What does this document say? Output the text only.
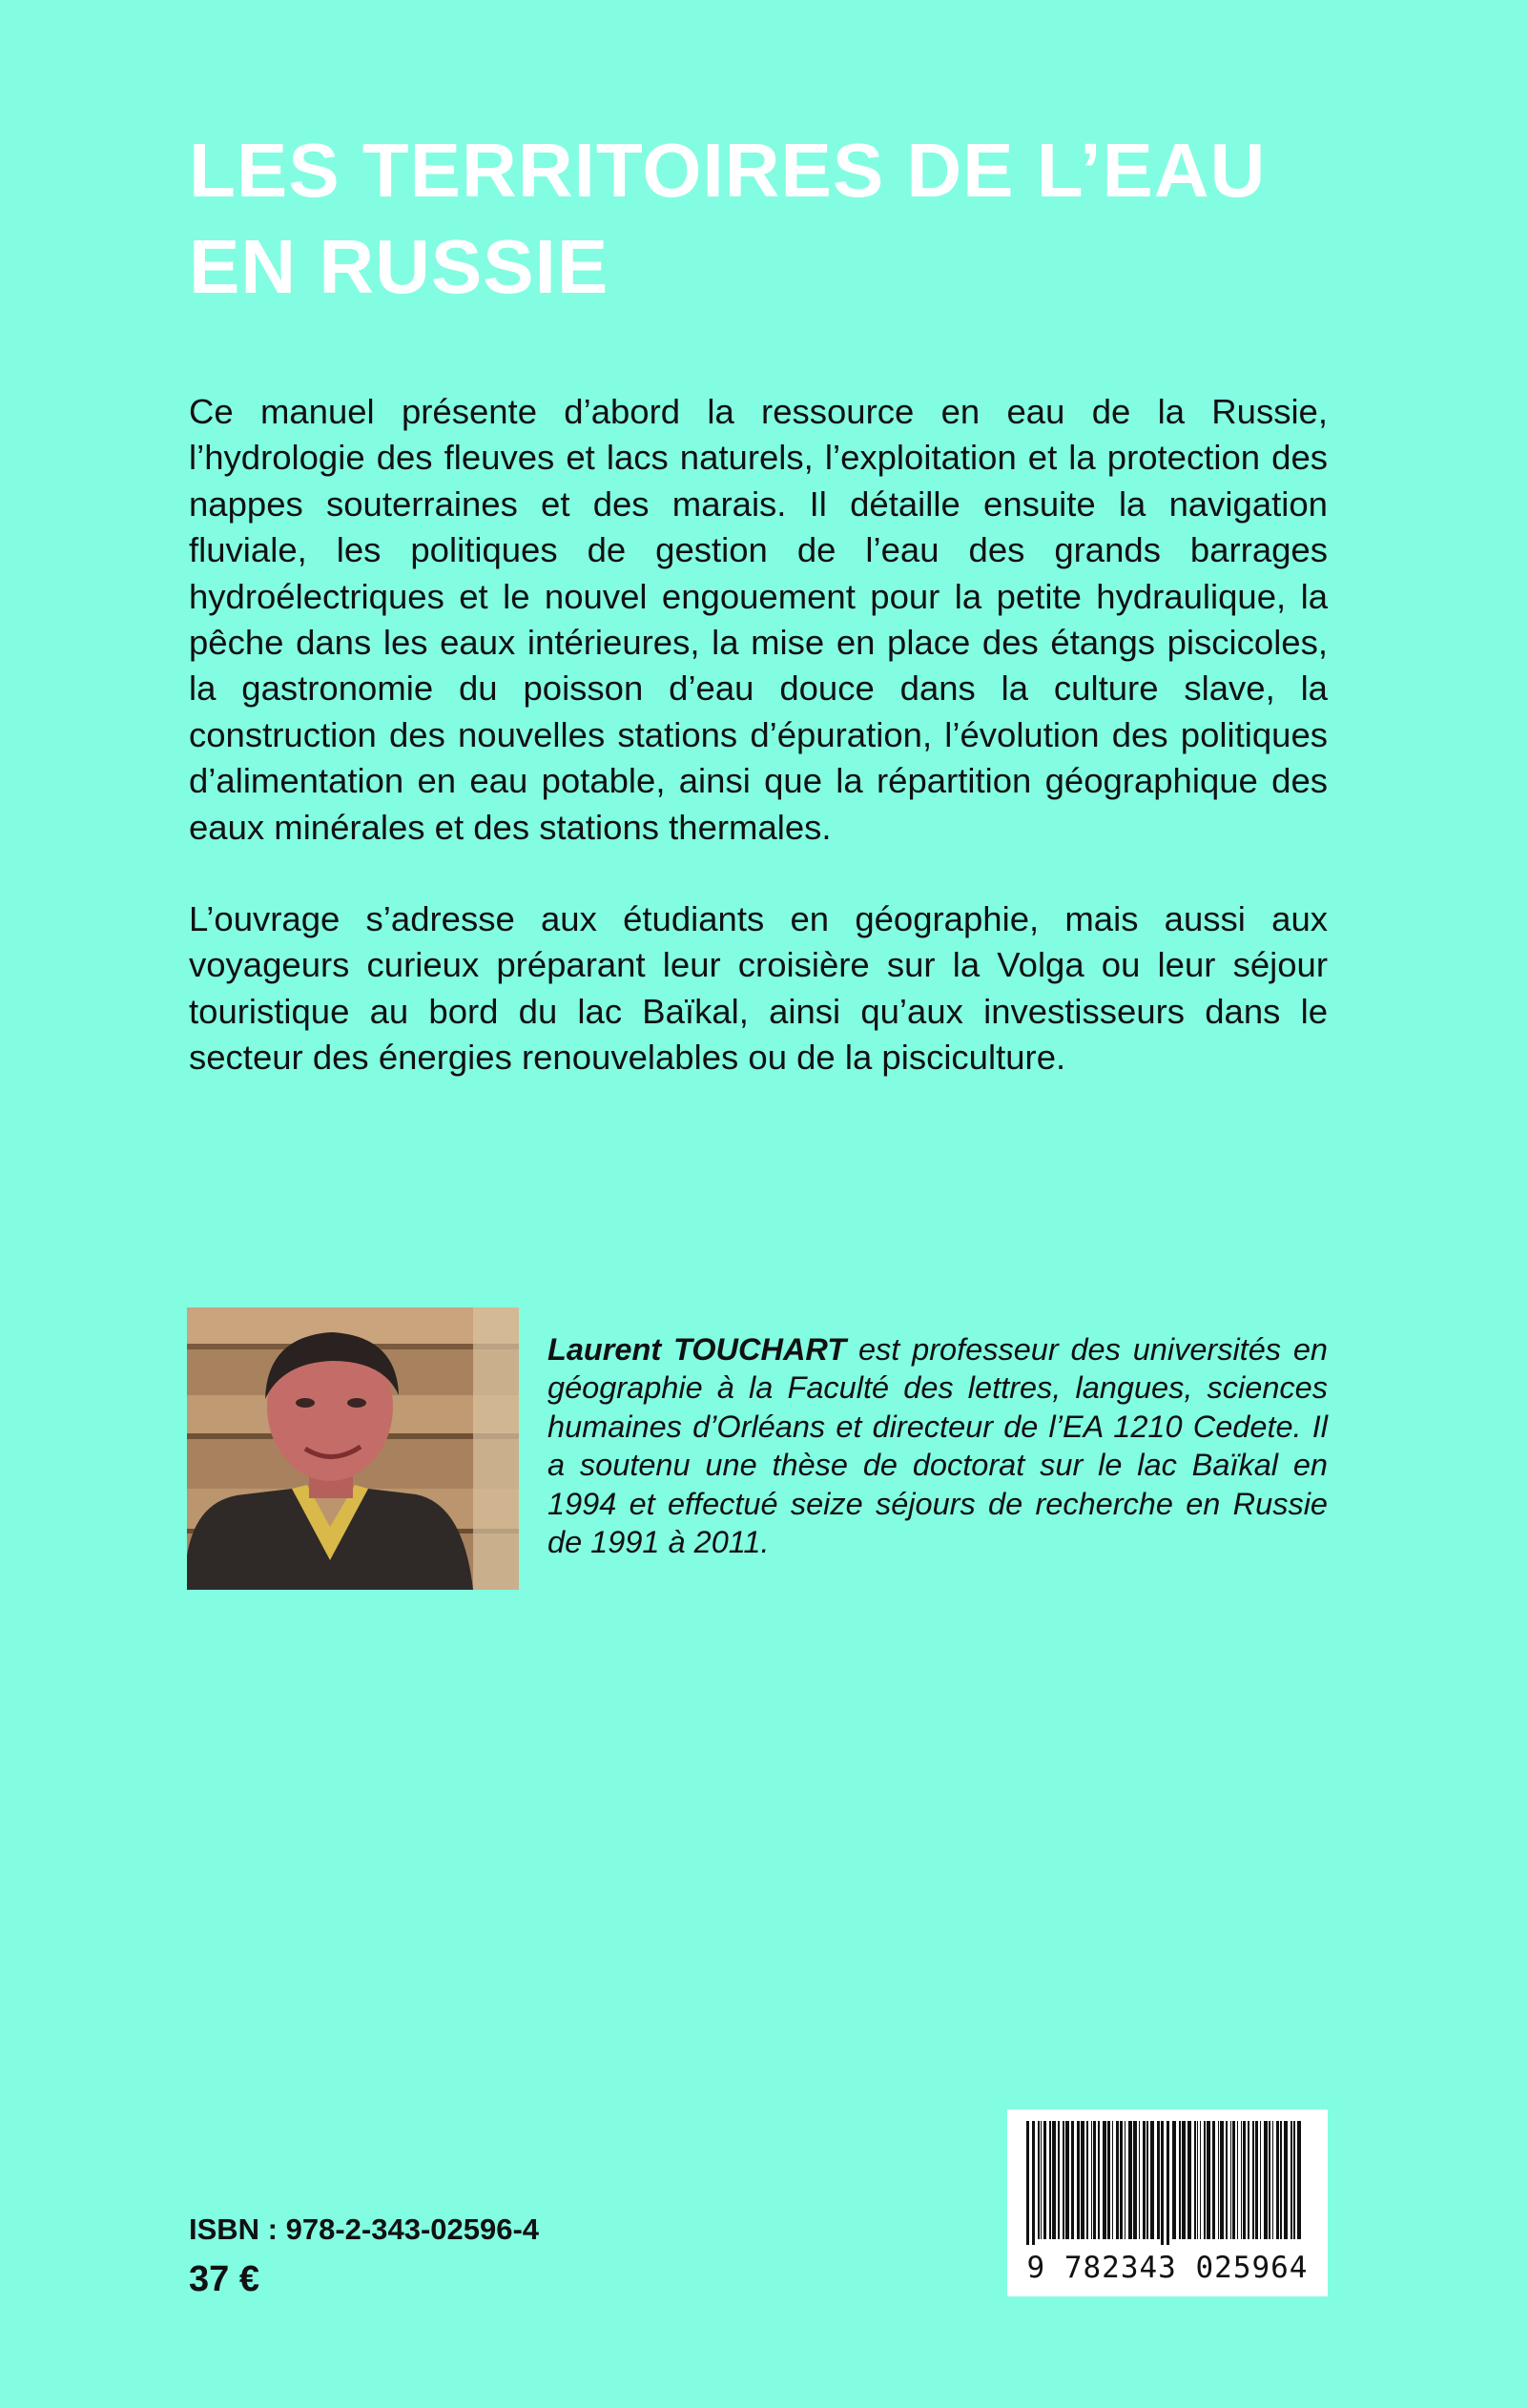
LES TERRITOIRES DE L’EAU
EN RUSSIE

Ce manuel présente d’abord la ressource en eau de la Russie, l’hydrologie des fleuves et lacs naturels, l’exploitation et la protection des nappes souterraines et des marais. Il détaille ensuite la navigation fluviale, les politiques de gestion de l’eau des grands barrages hydroélectriques et le nouvel engouement pour la petite hydraulique, la pêche dans les eaux intérieures, la mise en place des étangs piscicoles, la gastronomie du poisson d’eau douce dans la culture slave, la construction des nouvelles stations d’épuration, l’évolution des politiques d’alimentation en eau potable, ainsi que la répartition géographique des eaux minérales et des stations thermales.

L’ouvrage s’adresse aux étudiants en géographie, mais aussi aux voyageurs curieux préparant leur croisière sur la Volga ou leur séjour touristique au bord du lac Baïkal, ainsi qu’aux investisseurs dans le secteur des énergies renouvelables ou de la pisciculture.

Laurent TOUCHART est professeur des universités en géographie à la Faculté des lettres, langues, sciences humaines d’Orléans et directeur de l’EA 1210 Cedete. Il a soutenu une thèse de doctorat sur le lac Baïkal en 1994 et effectué seize séjours de recherche en Russie de 1991 à 2011.

ISBN : 978-2-343-02596-4
37 €	9 782343 025964
